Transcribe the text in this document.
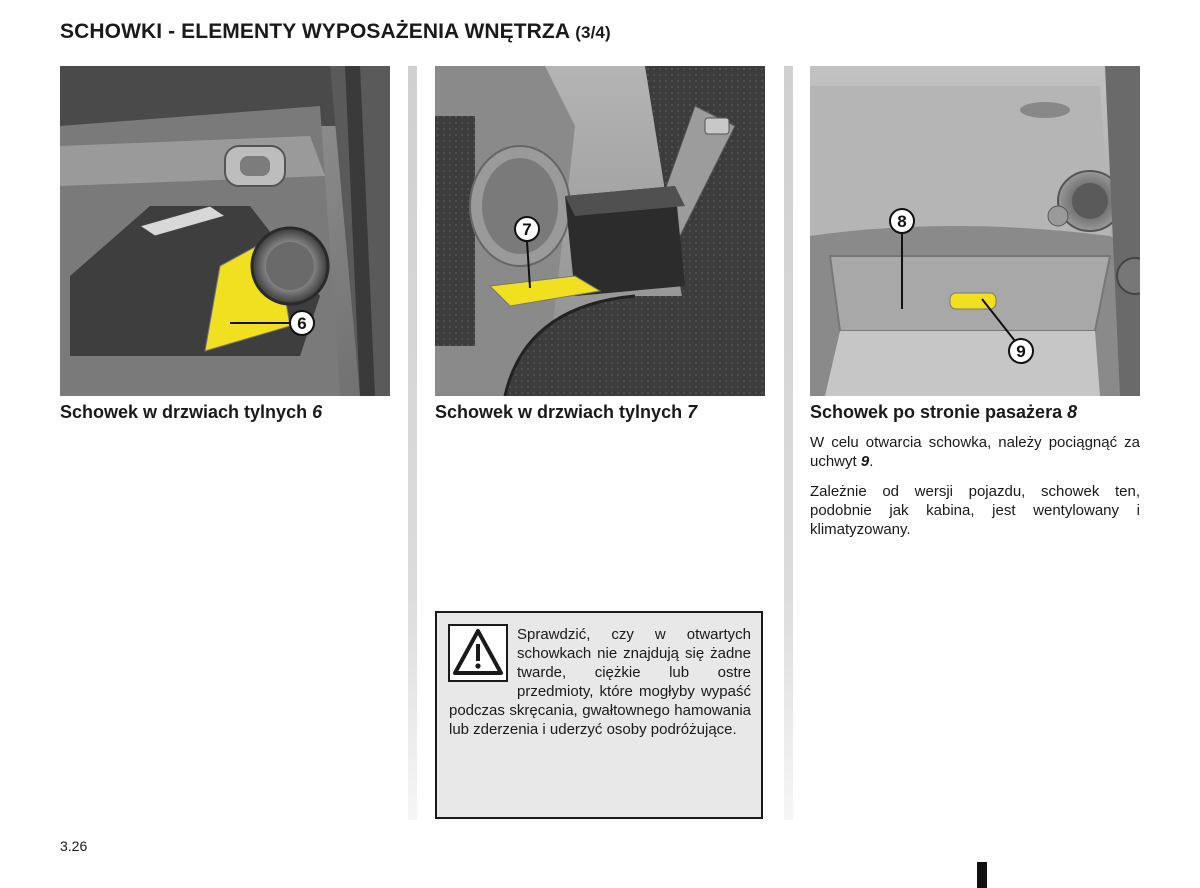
SCHOWKI - ELEMENTY WYPOSAŻENIA WNĘTRZA (3/4)
6
7	8
9
Schowek w drzwiach tylnych 6	Schowek w drzwiach tylnych 7	Schowek po stronie pasażera 8

W celu otwarcia schowka, należy pociągnąć za uchwyt 9.

Zależnie od wersji pojazdu, schowek ten, podobnie jak kabina, jest wentylowany i klimatyzowany.

Sprawdzić, czy w otwartych schowkach nie znajdują się żadne twarde, ciężkie lub ostre przedmioty, które mogłyby wypaść podczas skręcania, gwałtownego hamowania lub zderzenia i uderzyć osoby podróżujące.
3.26
